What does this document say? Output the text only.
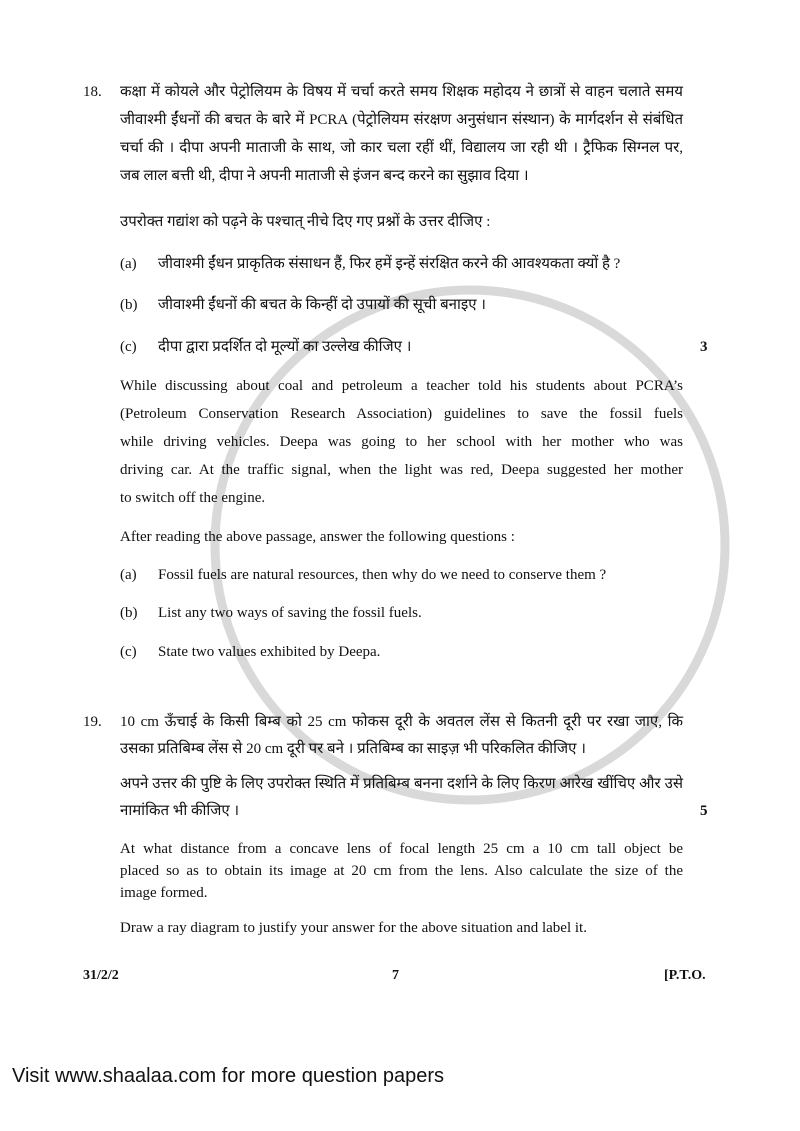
18.	कक्षा में कोयले और पेट्रोलियम के विषय में चर्चा करते समय शिक्षक महोदय ने छात्रों से वाहन चलाते समय
जीवाश्मी ईंधनों की बचत के बारे में PCRA (पेट्रोलियम संरक्षण अनुसंधान संस्थान) के मार्गदर्शन से संबंधित
चर्चा की । दीपा अपनी माताजी के साथ, जो कार चला रहीं थीं, विद्यालय जा रही थी । ट्रैफिक सिग्नल पर,
जब लाल बत्ती थी, दीपा ने अपनी माताजी से इंजन बन्द करने का सुझाव दिया ।
उपरोक्त गद्यांश को पढ़ने के पश्चात् नीचे दिए गए प्रश्नों के उत्तर दीजिए :
(a)	जीवाश्मी ईंधन प्राकृतिक संसाधन हैं, फिर हमें इन्हें संरक्षित करने की आवश्यकता क्यों है ?
(b)	जीवाश्मी ईंधनों की बचत के किन्हीं दो उपायों की सूची बनाइए ।
(c)	दीपा द्वारा प्रदर्शित दो मूल्यों का उल्लेख कीजिए ।	3
While discussing about coal and petroleum a teacher told his students about PCRA’s
(Petroleum Conservation Research Association) guidelines to save the fossil fuels
while driving vehicles. Deepa was going to her school with her mother who was
driving car. At the traffic signal, when the light was red, Deepa suggested her mother
to switch off the engine.
After reading the above passage, answer the following questions :
(a)	Fossil fuels are natural resources, then why do we need to conserve them ?
(b)	List any two ways of saving the fossil fuels.
(c)	State two values exhibited by Deepa.
19.	10 cm ऊँचाई के किसी बिम्ब को 25 cm फोकस दूरी के अवतल लेंस से कितनी दूरी पर रखा जाए, कि
उसका प्रतिबिम्ब लेंस से 20 cm दूरी पर बने । प्रतिबिम्ब का साइज़ भी परिकलित कीजिए ।
अपने उत्तर की पुष्टि के लिए उपरोक्त स्थिति में प्रतिबिम्ब बनना दर्शाने के लिए किरण आरेख खींचिए और उसे
नामांकित भी कीजिए ।	5
At what distance from a concave lens of focal length 25 cm a 10 cm tall object be
placed so as to obtain its image at 20 cm from the lens. Also calculate the size of the
image formed.
Draw a ray diagram to justify your answer for the above situation and label it.
31/2/2	7	[P.T.O.
Visit www.shaalaa.com for more question papers
